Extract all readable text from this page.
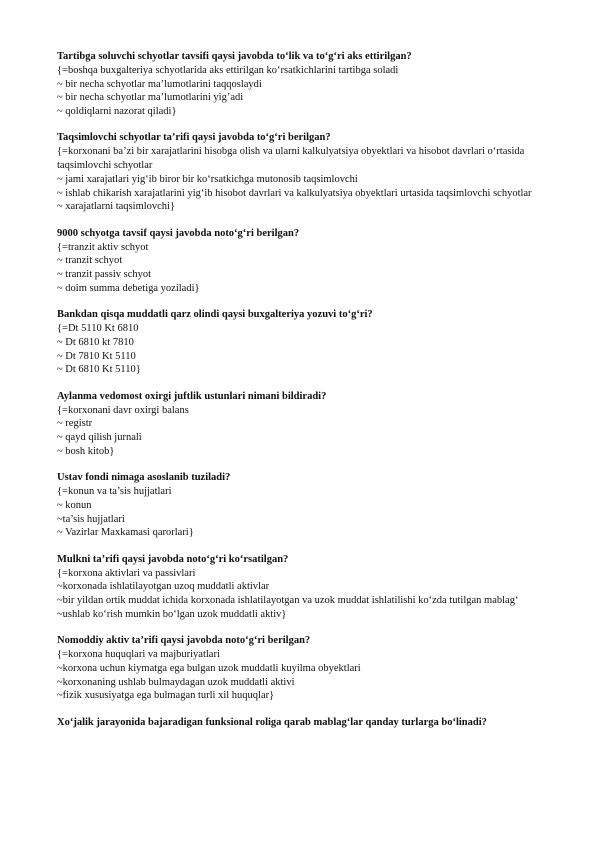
Tartibga soluvchi schyotlar tavsifi qaysi javobda to‘lik va to‘g‘ri aks ettirilgan?
{=boshqa buxgalteriya schyotlarida aks ettirilgan ko‘rsatkichlarini tartibga soladi
~ bir necha schyotlar ma’lumotlarini taqqoslaydi
~ bir necha schyotlar ma’lumotlarini yig’adi
~ qoldiqlarni nazorat qiladi}
Taqsimlovchi schyotlar ta’rifi qaysi javobda to‘g‘ri berilgan?
{=korxonani ba’zi bir xarajatlarini hisobga olish va ularni kalkulyatsiya obyektlari va hisobot davrlari o‘rtasida taqsimlovchi schyotlar
~ jami xarajatlari yig‘ib biror bir ko‘rsatkichga mutonosib taqsimlovchi
~ ishlab chikarish xarajatlarini yig‘ib hisobot davrlari va kalkulyatsiya obyektlari urtasida taqsimlovchi schyotlar
~ xarajatlarni taqsimlovchi}
9000 schyotga tavsif qaysi javobda noto‘g‘ri berilgan?
{=tranzit aktiv schyot
~ tranzit schyot
~ tranzit passiv schyot
~ doim summa debetiga yoziladi}
Bankdan qisqa muddatli qarz olindi qaysi buxgalteriya yozuvi to‘g‘ri?
{=Dt 5110 Kt 6810
~ Dt 6810 kt 7810
~ Dt 7810 Kt 5110
~ Dt 6810 Kt 5110}
Aylanma vedomost oxirgi juftlik ustunlari nimani bildiradi?
{=korxonani davr oxirgi balans
~ registr
~ qayd qilish jurnali
~ bosh kitob}
Ustav fondi nimaga asoslanib tuziladi?
{=konun va ta’sis hujjatlari
~ konun
~ta’sis hujjatlari
~ Vazirlar Maxkamasi qarorlari}
Mulkni ta’rifi qaysi javobda noto‘g‘ri ko‘rsatilgan?
{=korxona aktivlari va passivlari
~korxonada ishlatilayotgan uzoq muddatli aktivlar
~bir yildan ortik muddat ichida korxonada ishlatilayotgan va uzok muddat ishlatilishi ko‘zda tutilgan mablag‘
~ushlab ko‘rish mumkin bo‘lgan uzok muddatli aktiv}
Nomoddiy aktiv ta’rifi qaysi javobda noto‘g‘ri berilgan?
{=korxona huquqlari va majburiyatlari
~korxona uchun kiymatga ega bulgan uzok muddatli kuyilma obyektlari
~korxonaning ushlab bulmaydagan uzok muddatli aktivi
~fizik xususiyatga ega bulmagan turli xil huquqlar}
Xo‘jalik jarayonida bajaradigan funksional roliga qarab mablag‘lar qanday turlarga bo‘linadi?
